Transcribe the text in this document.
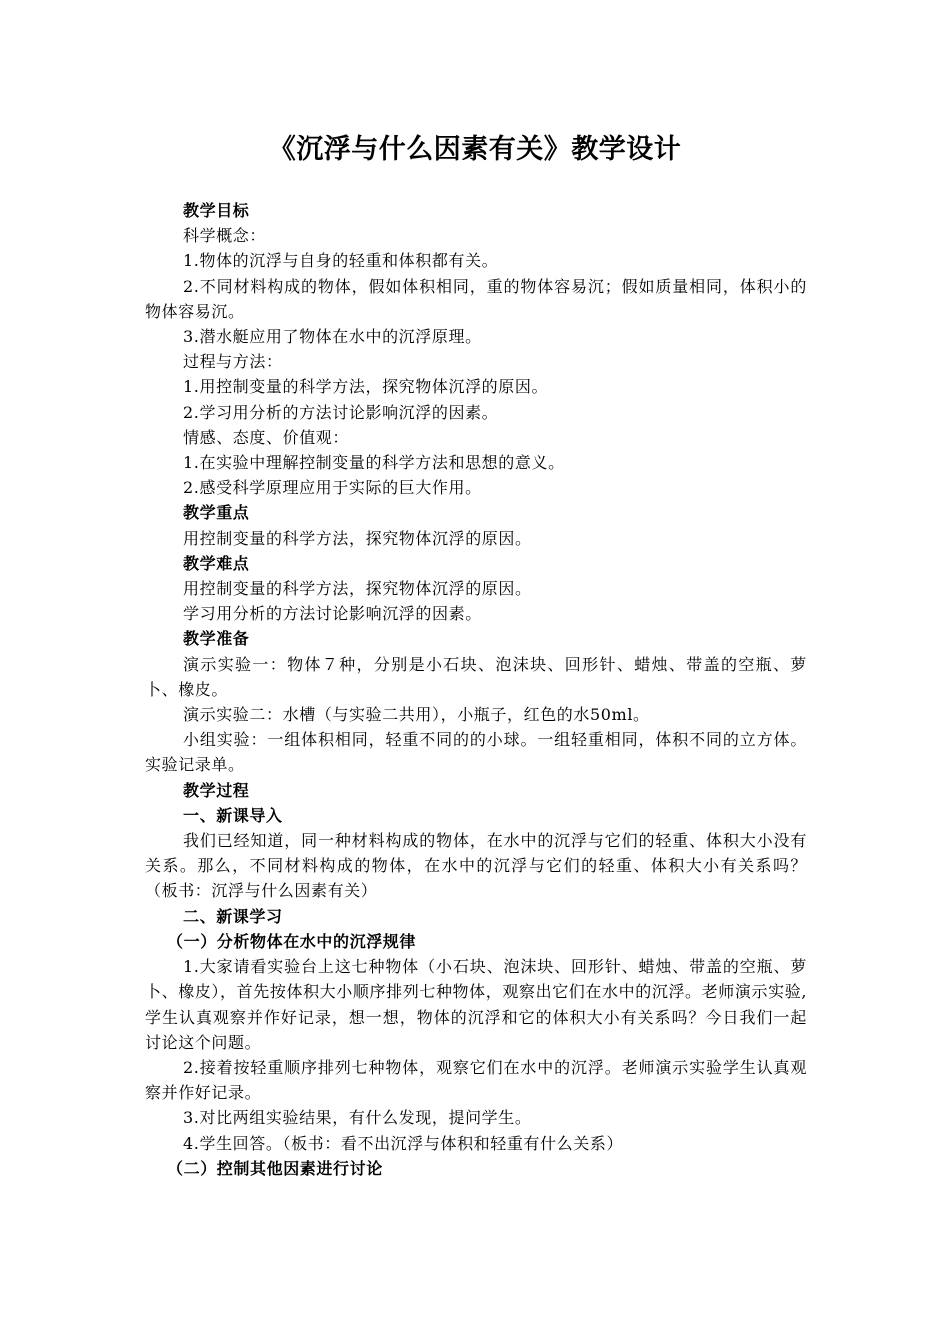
《沉浮与什么因素有关》教学设计
教学目标

科学概念：

1.物体的沉浮与自身的轻重和体积都有关。

2.不同材料构成的物体，假如体积相同，重的物体容易沉；假如质量相同，体积小的物体容易沉。

3.潜水艇应用了物体在水中的沉浮原理。

过程与方法：

1.用控制变量的科学方法，探究物体沉浮的原因。

2.学习用分析的方法讨论影响沉浮的因素。

情感、态度、价值观：

1.在实验中理解控制变量的科学方法和思想的意义。

2.感受科学原理应用于实际的巨大作用。

教学重点

用控制变量的科学方法，探究物体沉浮的原因。

教学难点

用控制变量的科学方法，探究物体沉浮的原因。

学习用分析的方法讨论影响沉浮的因素。

教学准备

演示实验一：物体７种，分别是小石块、泡沫块、回形针、蜡烛、带盖的空瓶、萝卜、橡皮。

演示实验二：水槽（与实验二共用），小瓶子，红色的水50ml。

小组实验：一组体积相同，轻重不同的的小球。一组轻重相同，体积不同的立方体。实验记录单。

教学过程
一、新课导入

我们已经知道，同一种材料构成的物体，在水中的沉浮与它们的轻重、体积大小没有关系。那么，不同材料构成的物体，在水中的沉浮与它们的轻重、体积大小有关系吗？（板书：沉浮与什么因素有关）

二、新课学习
（一）分析物体在水中的沉浮规律

1.大家请看实验台上这七种物体（小石块、泡沫块、回形针、蜡烛、带盖的空瓶、萝卜、橡皮），首先按体积大小顺序排列七种物体，观察出它们在水中的沉浮。老师演示实验,学生认真观察并作好记录，想一想，物体的沉浮和它的体积大小有关系吗？今日我们一起讨论这个问题。

2.接着按轻重顺序排列七种物体，观察它们在水中的沉浮。老师演示实验学生认真观察并作好记录。

3.对比两组实验结果，有什么发现，提问学生。

4.学生回答。（板书：看不出沉浮与体积和轻重有什么关系）

（二）控制其他因素进行讨论
